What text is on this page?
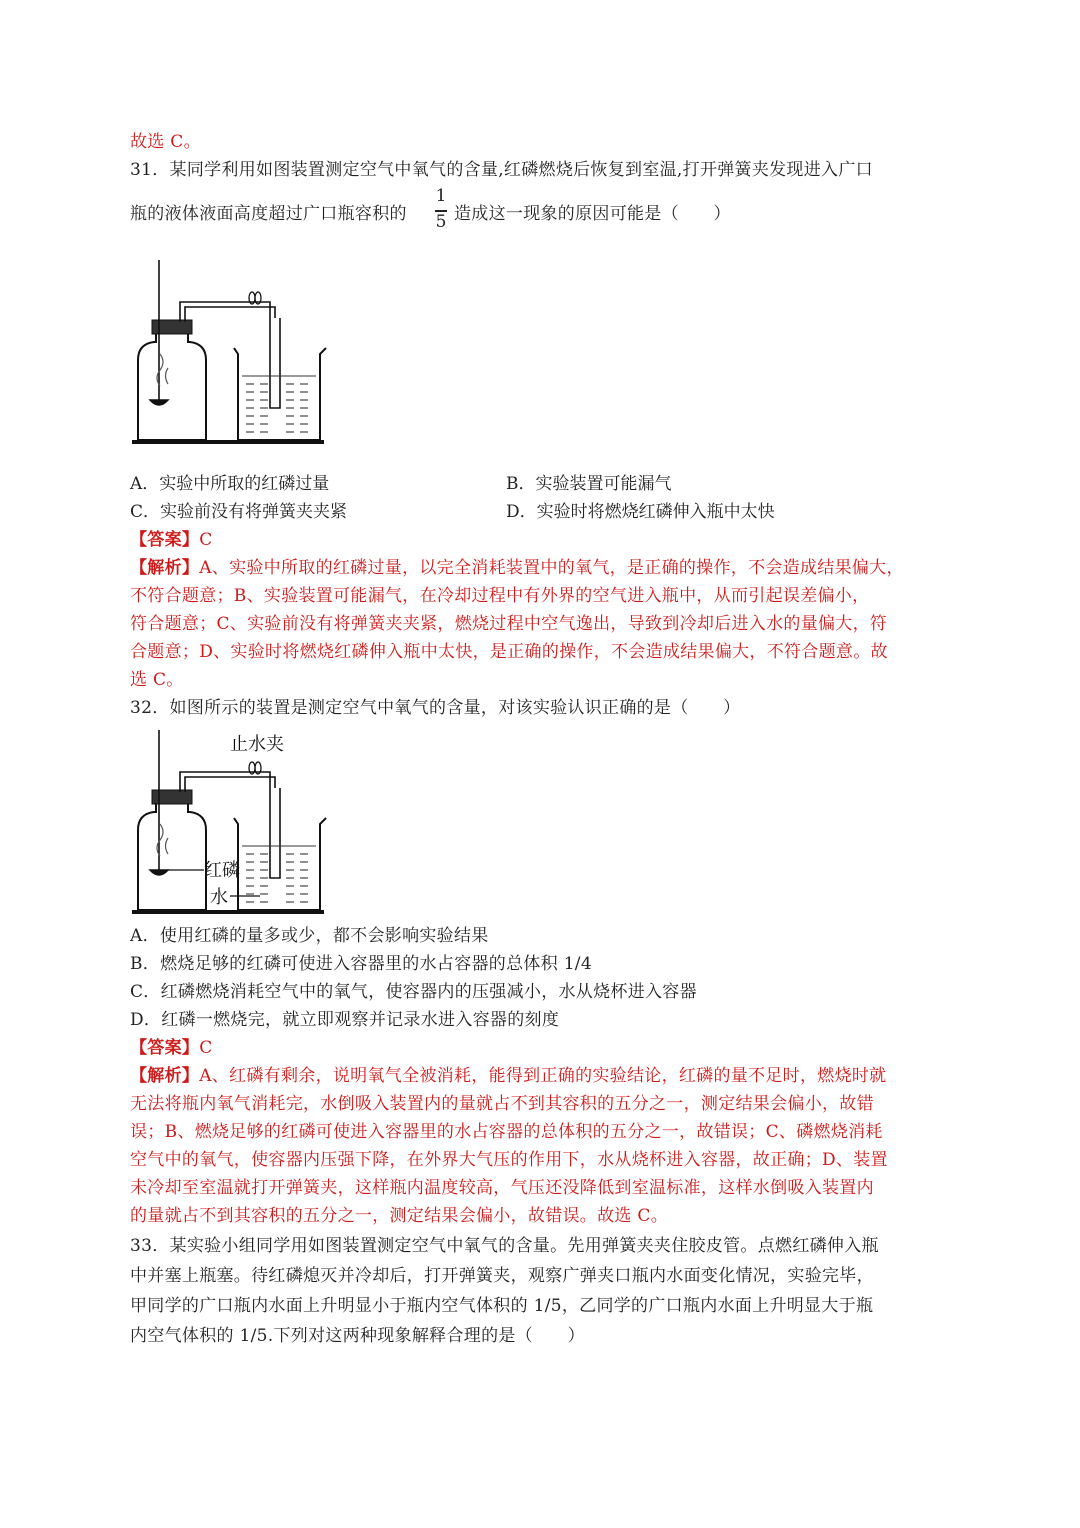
故选 C。
31．某同学利用如图装置测定空气中氧气的含量,红磷燃烧后恢复到室温,打开弹簧夹发现进入广口
瓶的液体液面高度超过广口瓶容积的
1
5 造成这一现象的原因可能是（　　）
A．实验中所取的红磷过量	B．实验装置可能漏气
C．实验前没有将弹簧夹夹紧	D．实验时将燃烧红磷伸入瓶中太快
【答案】C
【解析】A、实验中所取的红磷过量，以完全消耗装置中的氧气，是正确的操作，不会造成结果偏大，
不符合题意；B、实验装置可能漏气，在冷却过程中有外界的空气进入瓶中，从而引起误差偏小，
符合题意；C、实验前没有将弹簧夹夹紧，燃烧过程中空气逸出，导致到冷却后进入水的量偏大，符
合题意；D、实验时将燃烧红磷伸入瓶中太快，是正确的操作，不会造成结果偏大，不符合题意。故
选 C。
32．如图所示的装置是测定空气中氧气的含量，对该实验认识正确的是（　　）
止水夹
红磷
水
A．使用红磷的量多或少，都不会影响实验结果
B．燃烧足够的红磷可使进入容器里的水占容器的总体积 1/4
C．红磷燃烧消耗空气中的氧气，使容器内的压强减小，水从烧杯进入容器
D．红磷一燃烧完，就立即观察并记录水进入容器的刻度
【答案】C
【解析】A、红磷有剩余，说明氧气全被消耗，能得到正确的实验结论，红磷的量不足时，燃烧时就
无法将瓶内氧气消耗完，水倒吸入装置内的量就占不到其容积的五分之一，测定结果会偏小，故错
误；B、燃烧足够的红磷可使进入容器里的水占容器的总体积的五分之一，故错误；C、磷燃烧消耗
空气中的氧气，使容器内压强下降，在外界大气压的作用下，水从烧杯进入容器，故正确；D、装置
未冷却至室温就打开弹簧夹，这样瓶内温度较高，气压还没降低到室温标准，这样水倒吸入装置内
的量就占不到其容积的五分之一，测定结果会偏小，故错误。故选 C。
33．某实验小组同学用如图装置测定空气中氧气的含量。先用弹簧夹夹住胶皮管。点燃红磷伸入瓶
中并塞上瓶塞。待红磷熄灭并冷却后，打开弹簧夹，观察广弹夹口瓶内水面变化情况，实验完毕，
甲同学的广口瓶内水面上升明显小于瓶内空气体积的 1/5，乙同学的广口瓶内水面上升明显大于瓶
内空气体积的 1/5.下列对这两种现象解释合理的是（　　）
